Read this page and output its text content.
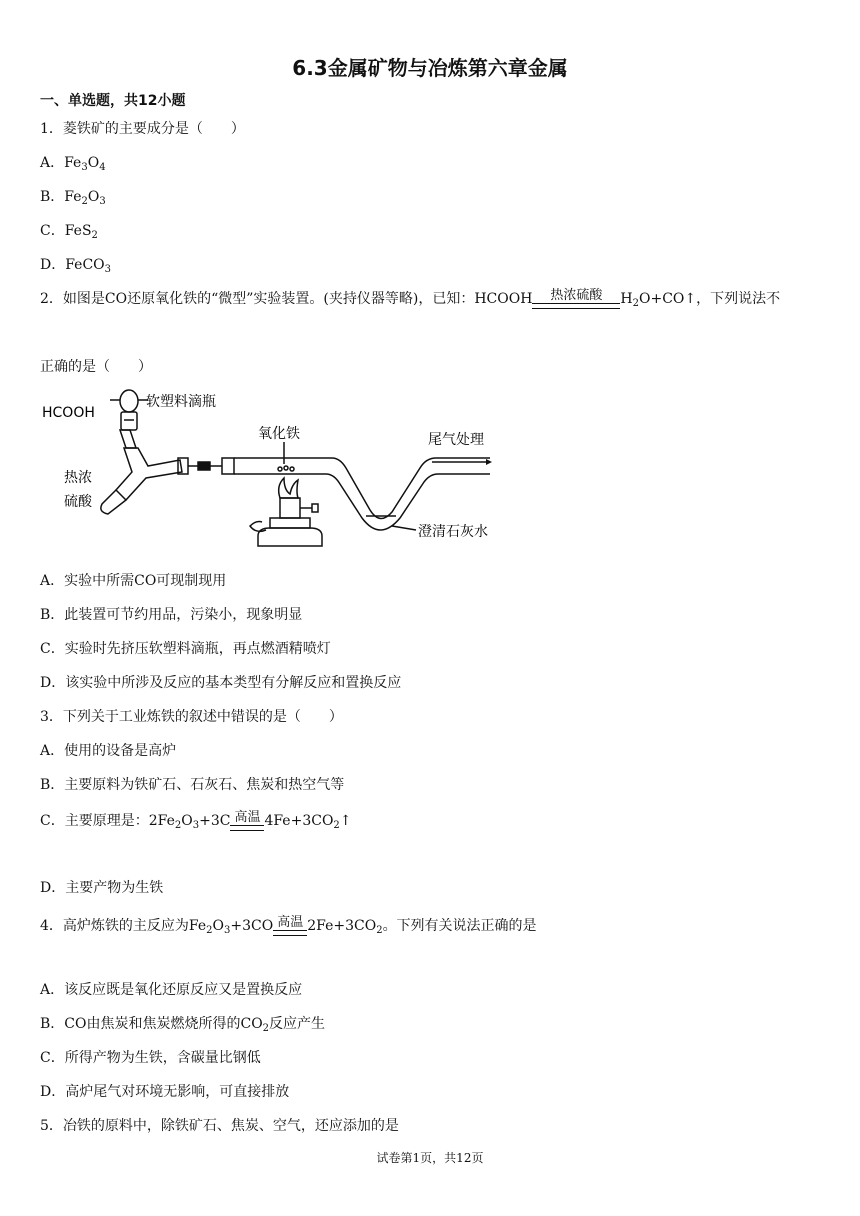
6.3金属矿物与冶炼第六章金属
一、单选题，共12小题
1．菱铁矿的主要成分是（　　）
A．$Fe_3O_4$
B．$Fe_2O_3$
C．FeS$_2$
D．FeCO$_3$
2．如图是CO还原氧化铁的“微型”实验装置。(夹持仪器等略)，已知：HCOOH	热浓硫酸	$H_2O+CO↑$，下列说法不
正确的是（　　）
HCOOH
软塑料滴瓶
氧化铁	尾气处理
热浓
硫酸
澄清石灰水
A．实验中所需CO可现制现用
B．此装置可节约用品，污染小，现象明显
C．实验时先挤压软塑料滴瓶，再点燃酒精喷灯
D．该实验中所涉及反应的基本类型有分解反应和置换反应
3．下列关于工业炼铁的叙述中错误的是（　　）
A．使用的设备是高炉
B．主要原料为铁矿石、石灰石、焦炭和热空气等
C．主要原理是：$2Fe_2O_3+3C$ 高温 $4Fe+3CO_2↑$
D．主要产物为生铁
4．高炉炼铁的主反应为$Fe_2O_3+3CO$ 高温 $2Fe+3CO_2$。下列有关说法正确的是
A．该反应既是氧化还原反应又是置换反应
B．CO由焦炭和焦炭燃烧所得的$CO_2$反应产生
C．所得产物为生铁，含碳量比钢低
D．高炉尾气对环境无影响，可直接排放
5．冶铁的原料中，除铁矿石、焦炭、空气，还应添加的是
试卷第1页，共12页
